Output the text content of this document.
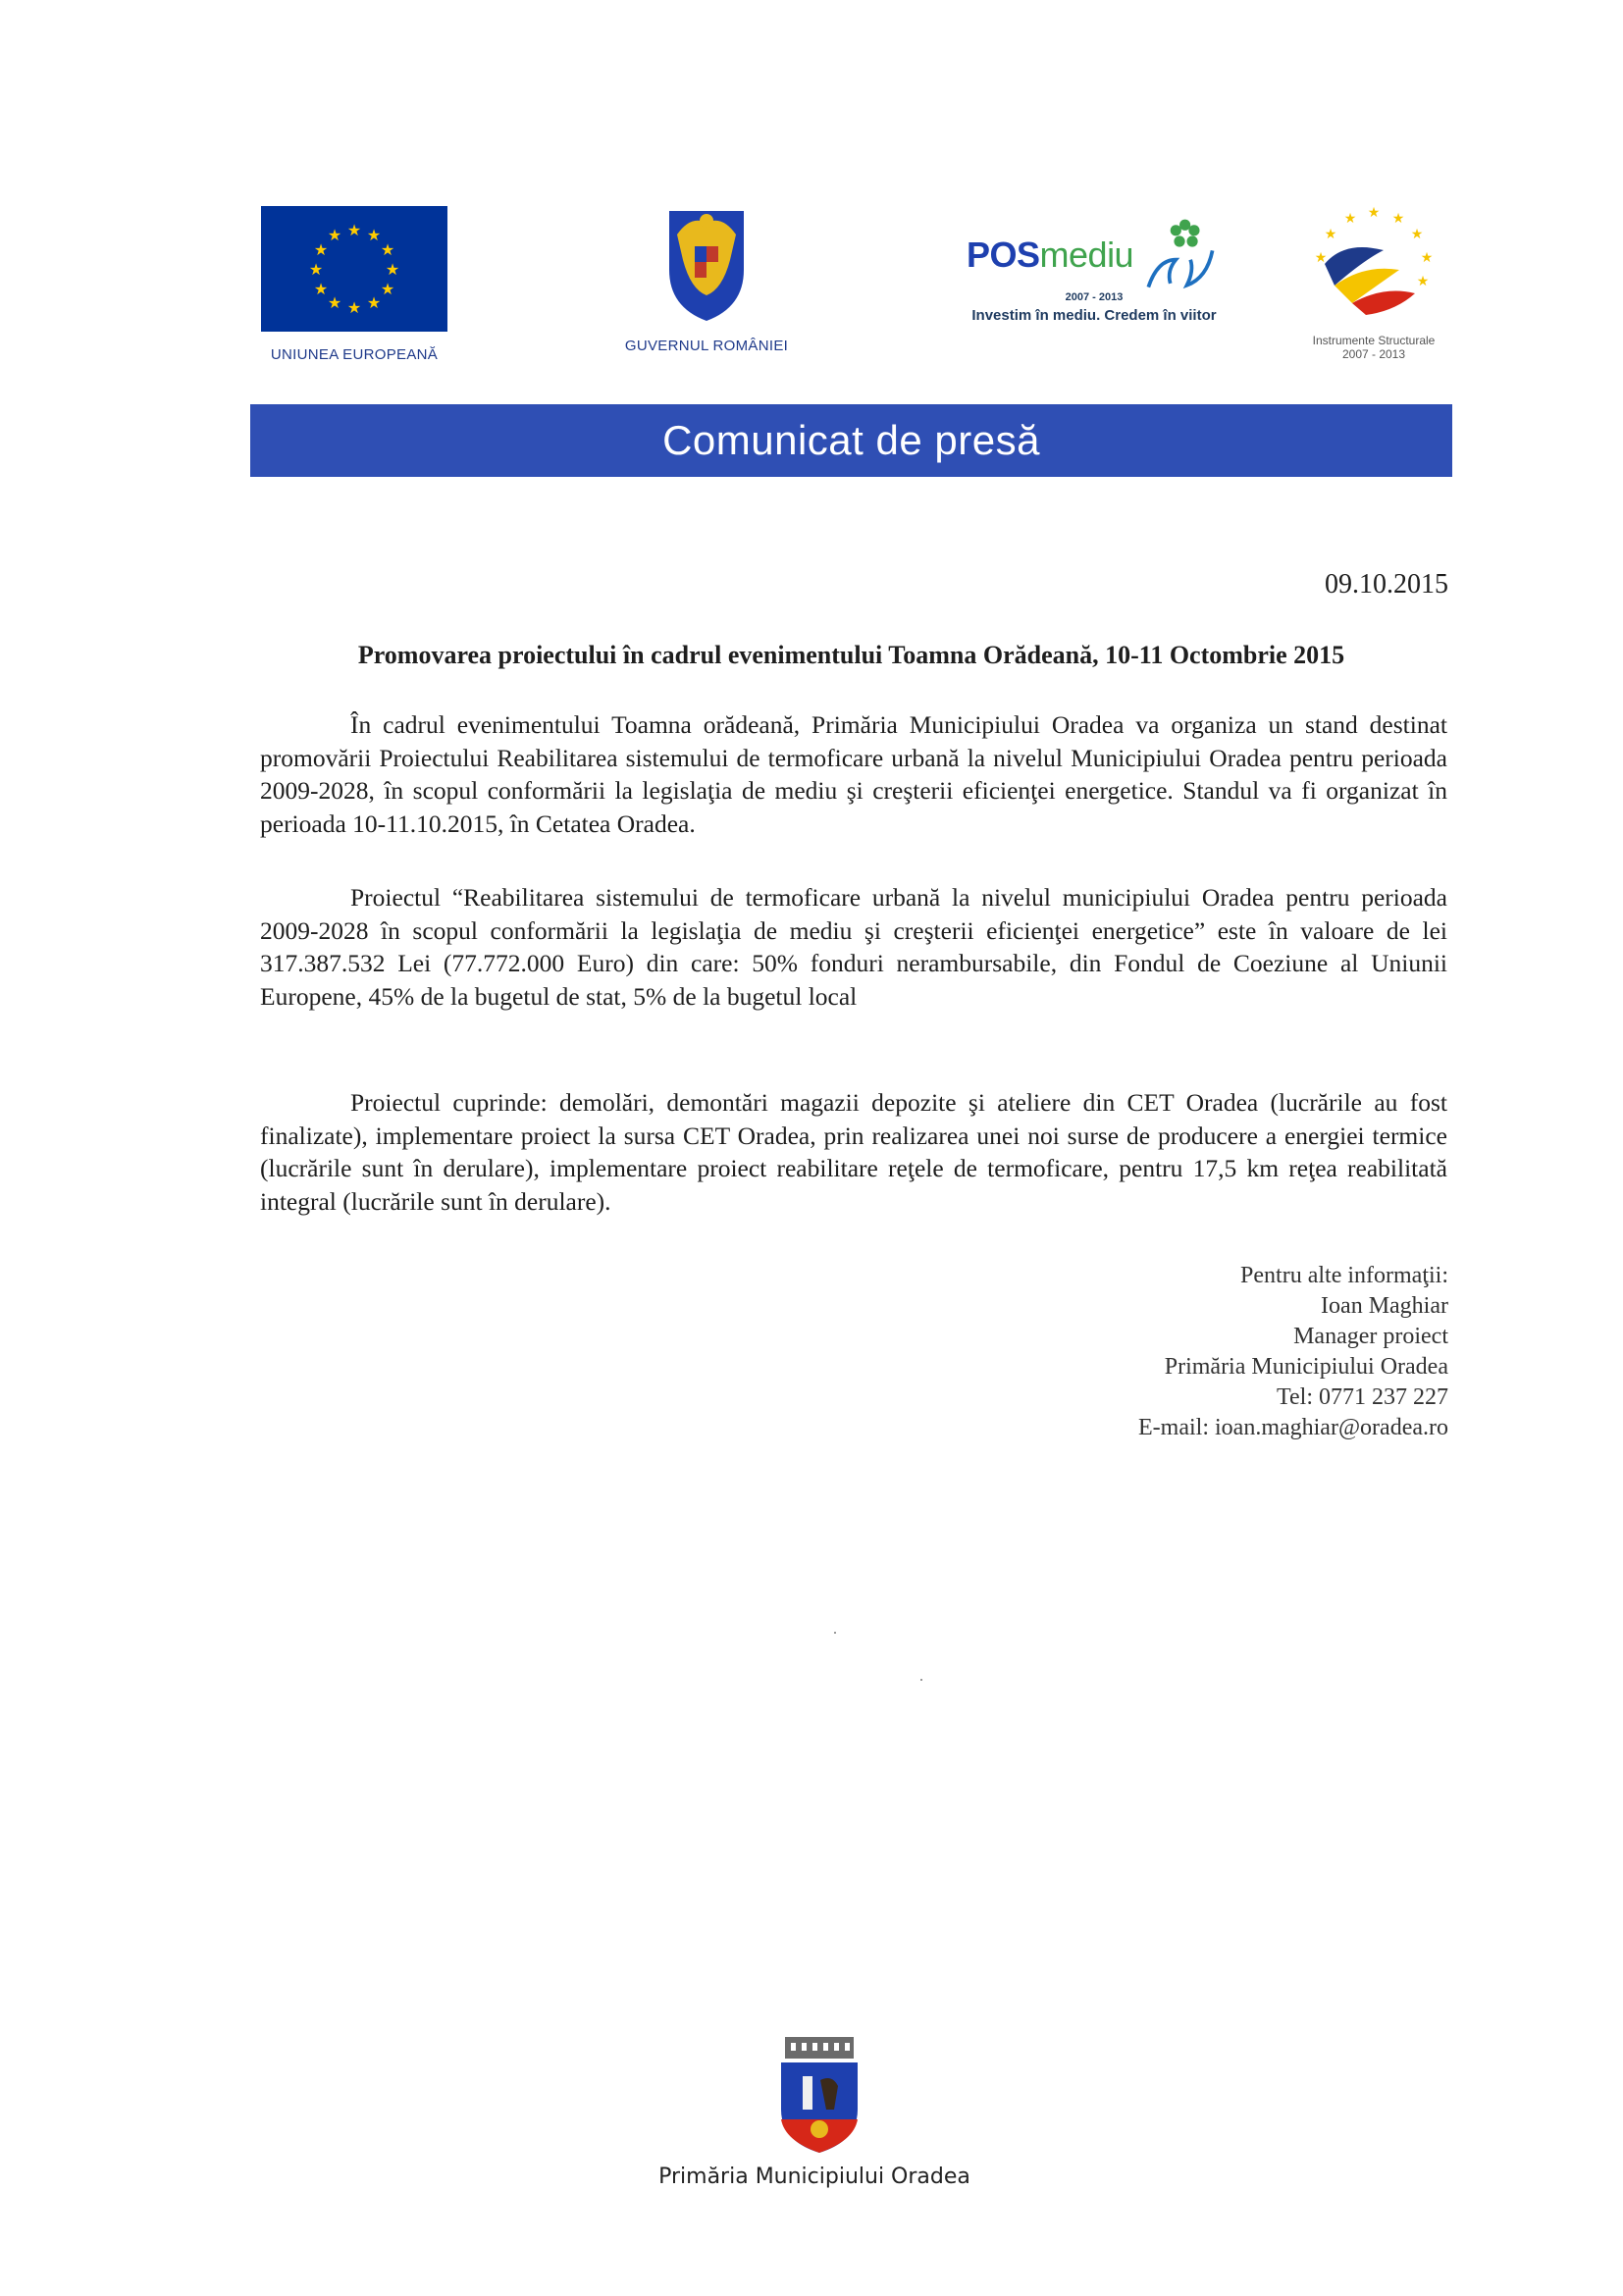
★ ★
★
★
★
★
★
★
★
★
★
★
UNIUNEA EUROPEANĂ
GUVERNUL ROMÂNIEI
POSmediu
2007 - 2013
Investim în mediu. Credem în viitor
★ ★
★
★
★
★
★
★
Instrumente Structurale
2007 - 2013
Comunicat de presă
09.10.2015
Promovarea proiectului în cadrul evenimentului Toamna Orădeană, 10-11 Octombrie 2015

În cadrul evenimentului Toamna orădeană, Primăria Municipiului Oradea va organiza un stand destinat promovării Proiectului Reabilitarea sistemului de termoficare urbană la nivelul Municipiului Oradea pentru perioada 2009-2028, în scopul conformării la legislaţia de mediu şi creşterii eficienţei energetice. Standul va fi organizat în perioada 10-11.10.2015, în Cetatea Oradea.

Proiectul “Reabilitarea sistemului de termoficare urbană la nivelul municipiului Oradea pentru perioada 2009-2028 în scopul conformării la legislaţia de mediu şi creşterii eficienţei energetice” este în valoare de lei 317.387.532 Lei (77.772.000 Euro) din care: 50% fonduri nerambursabile, din Fondul de Coeziune al Uniunii Europene, 45% de la bugetul de stat, 5% de la bugetul local

Proiectul cuprinde: demolări, demontări magazii depozite şi ateliere din CET Oradea (lucrările au fost finalizate), implementare proiect la sursa CET Oradea, prin realizarea unei noi surse de producere a energiei termice (lucrările sunt în derulare), implementare proiect reabilitare reţele de termoficare, pentru 17,5 km reţea reabilitată integral (lucrările sunt în derulare).

Pentru alte informaţii:
Ioan Maghiar
Manager proiect
Primăria Municipiului Oradea
Tel: 0771 237 227
E-mail: ioan.maghiar@oradea.ro
Primăria Municipiului Oradea
